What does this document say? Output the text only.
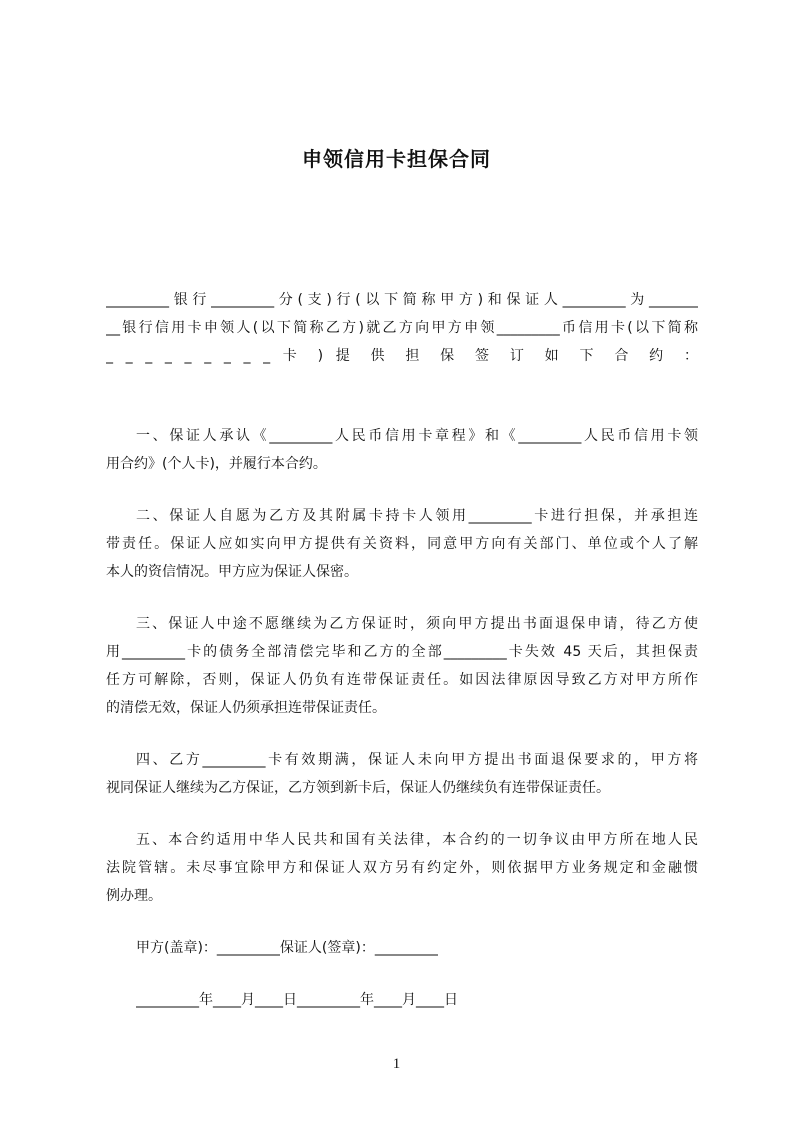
申领信用卡担保合同
_________银行_________分(支)行(以下简称甲方)和保证人_________为_______
__银行信用卡申领人(以下简称乙方)就乙方向甲方申领_________币信用卡(以下简称
_ _ _ _ _ _ _ _ _ 卡 ) 提 供 担 保 签 订 如 下 合 约 ：
一、保证人承认《_________人民币信用卡章程》和《_________人民币信用卡领
用合约》(个人卡)，并履行本合约。
二、保证人自愿为乙方及其附属卡持卡人领用_________卡进行担保，并承担连
带责任。保证人应如实向甲方提供有关资料，同意甲方向有关部门、单位或个人了解
本人的资信情况。甲方应为保证人保密。
三、保证人中途不愿继续为乙方保证时，须向甲方提出书面退保申请，待乙方使
用_________卡的债务全部清偿完毕和乙方的全部_________卡失效 45 天后，其担保责
任方可解除，否则，保证人仍负有连带保证责任。如因法律原因导致乙方对甲方所作
的清偿无效，保证人仍须承担连带保证责任。
四、乙方_________卡有效期满，保证人未向甲方提出书面退保要求的，甲方将
视同保证人继续为乙方保证，乙方领到新卡后，保证人仍继续负有连带保证责任。
五、本合约适用中华人民共和国有关法律，本合约的一切争议由甲方所在地人民
法院管辖。未尽事宜除甲方和保证人双方另有约定外，则依据甲方业务规定和金融惯
例办理。
甲方(盖章)：_________保证人(签章)：_________
_________年____月____日_________年____月____日
1
